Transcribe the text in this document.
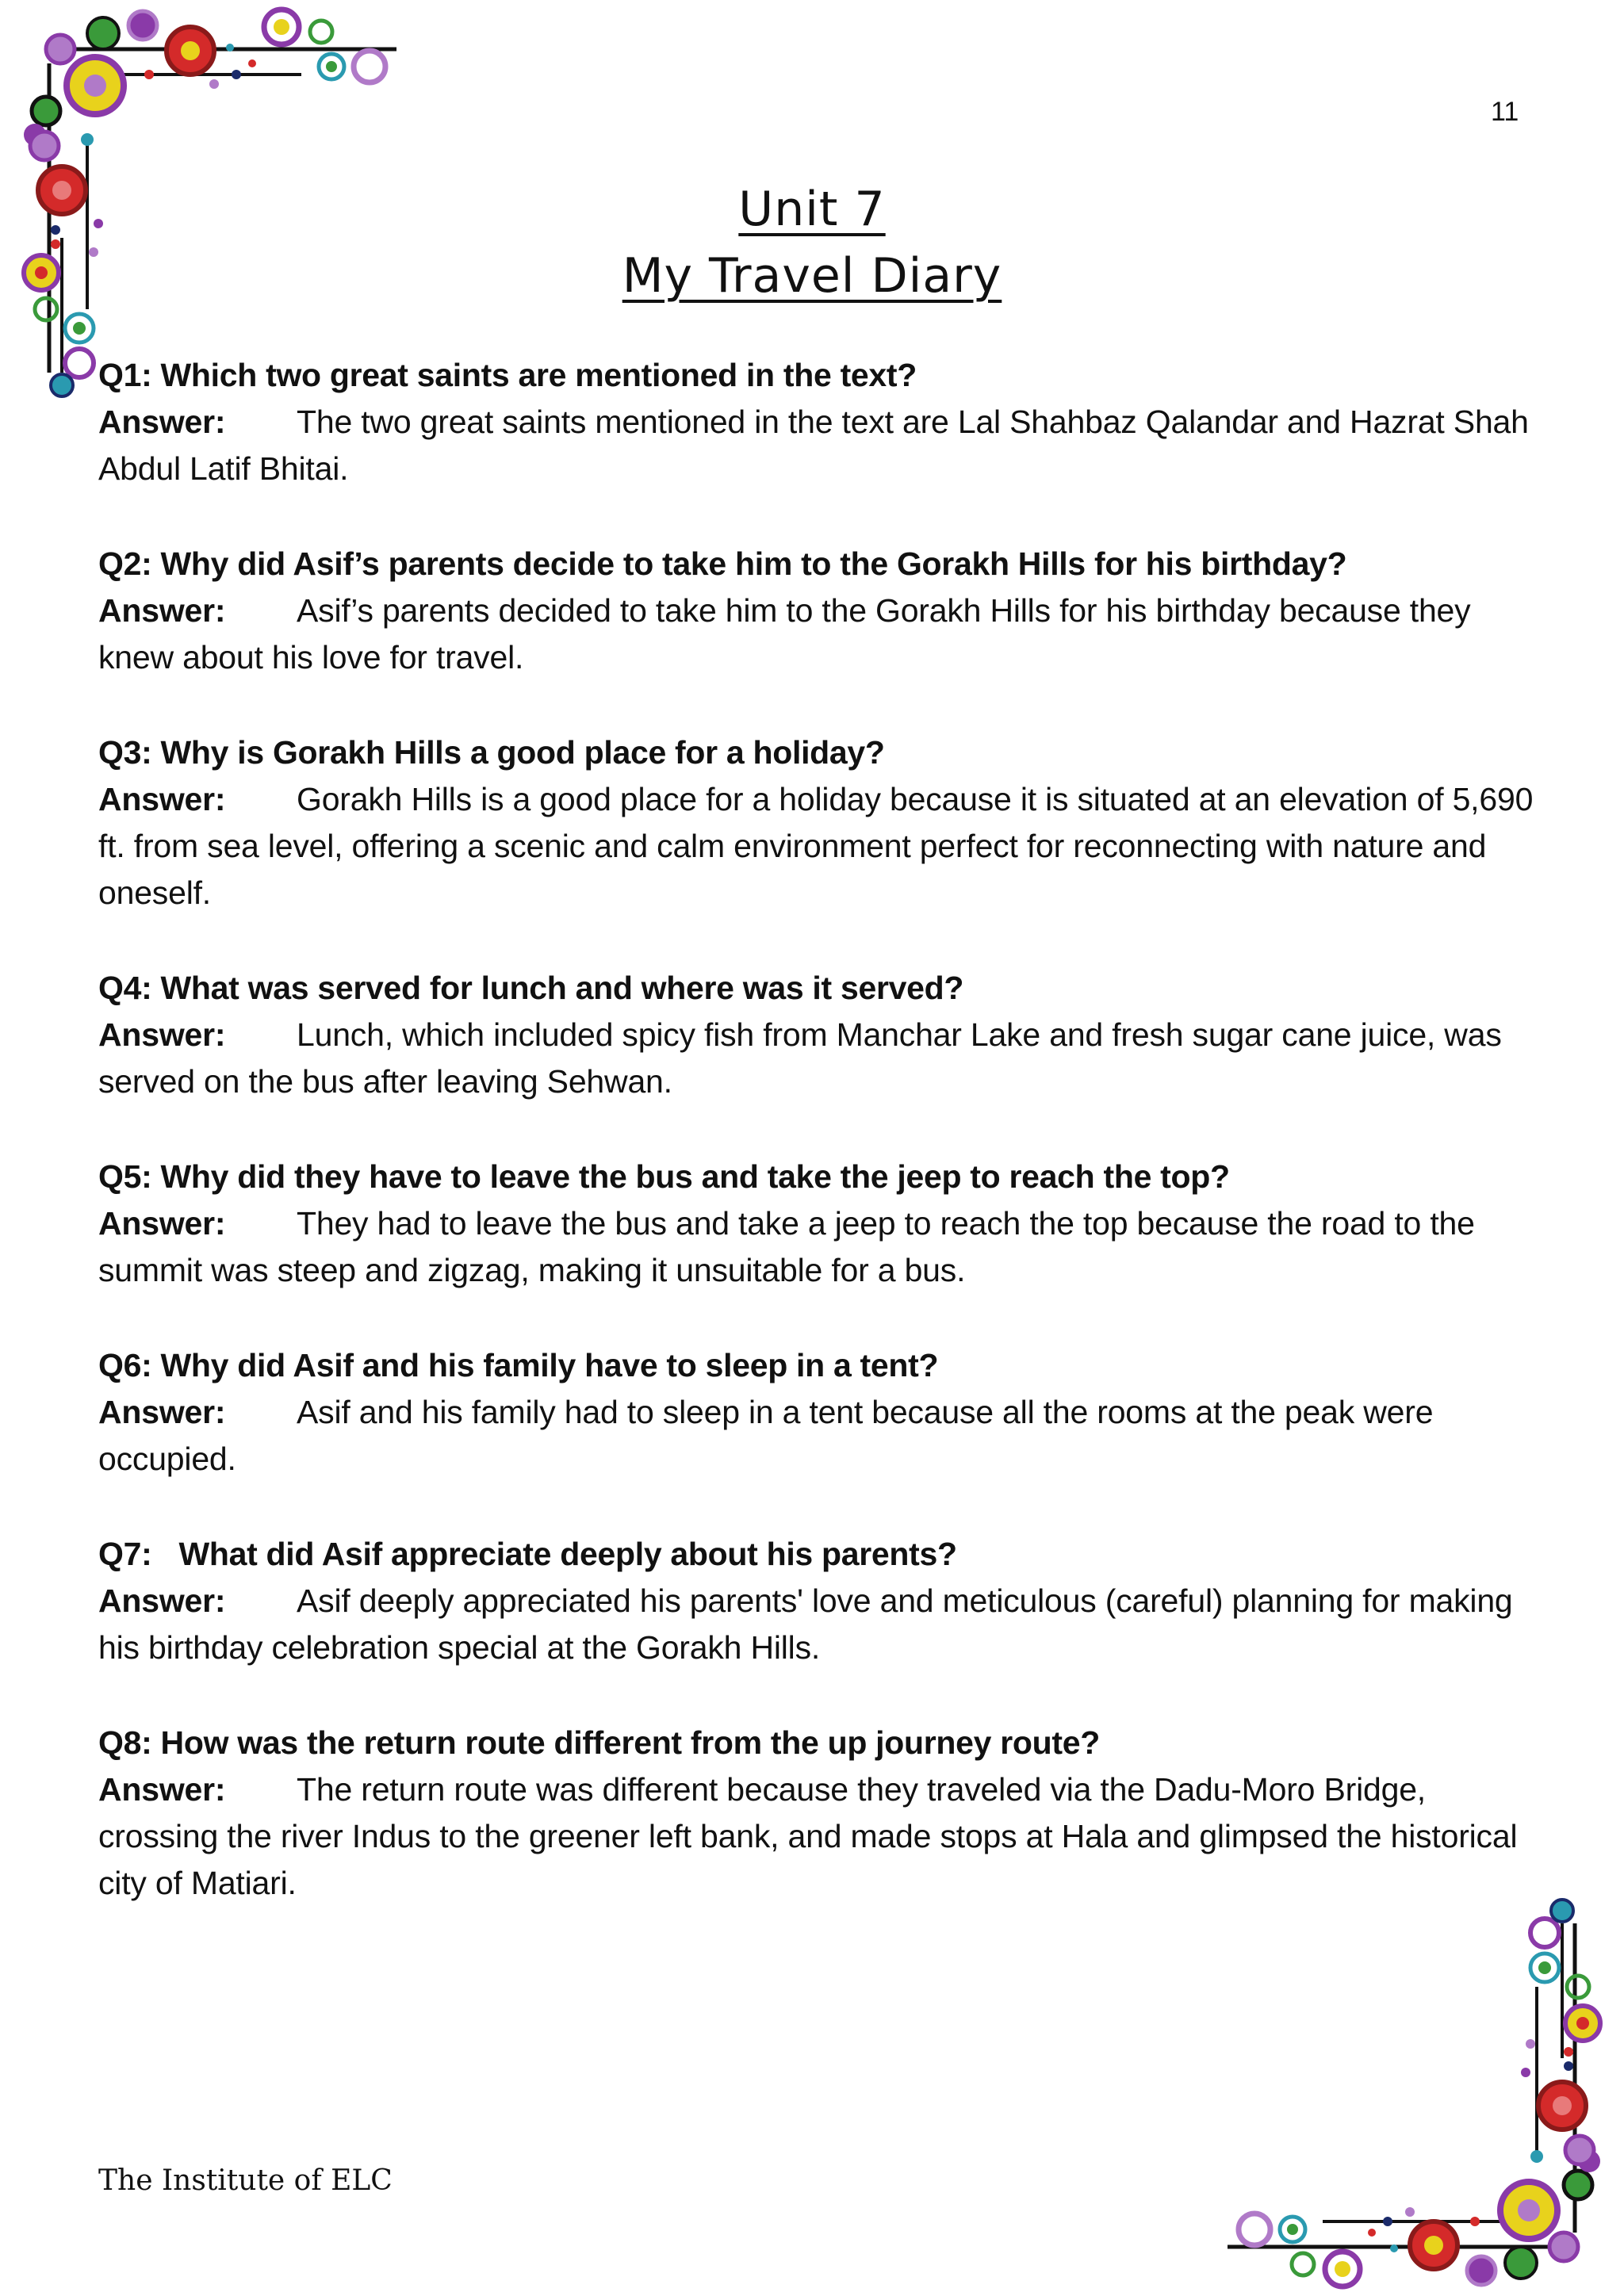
11
Unit 7
My Travel Diary
Q1: Which two great saints are mentioned in the text?
Answer: The two great saints mentioned in the text are Lal Shahbaz Qalandar and Hazrat Shah Abdul Latif Bhitai.
Q2: Why did Asif’s parents decide to take him to the Gorakh Hills for his birthday?
Answer: Asif’s parents decided to take him to the Gorakh Hills for his birthday because they knew about his love for travel.
Q3: Why is Gorakh Hills a good place for a holiday?
Answer: Gorakh Hills is a good place for a holiday because it is situated at an elevation of 5,690 ft. from sea level, offering a scenic and calm environment perfect for reconnecting with nature and oneself.
Q4: What was served for lunch and where was it served?
Answer: Lunch, which included spicy fish from Manchar Lake and fresh sugar cane juice, was served on the bus after leaving Sehwan.
Q5: Why did they have to leave the bus and take the jeep to reach the top?
Answer: They had to leave the bus and take a jeep to reach the top because the road to the summit was steep and zigzag, making it unsuitable for a bus.
Q6: Why did Asif and his family have to sleep in a tent?
Answer: Asif and his family had to sleep in a tent because all the rooms at the peak were occupied.
Q7: What did Asif appreciate deeply about his parents?
Answer: Asif deeply appreciated his parents' love and meticulous (careful) planning for making his birthday celebration special at the Gorakh Hills.
Q8: How was the return route different from the up journey route?
Answer: The return route was different because they traveled via the Dadu-Moro Bridge, crossing the river Indus to the greener left bank, and made stops at Hala and glimpsed the historical city of Matiari.
The Institute of ELC
